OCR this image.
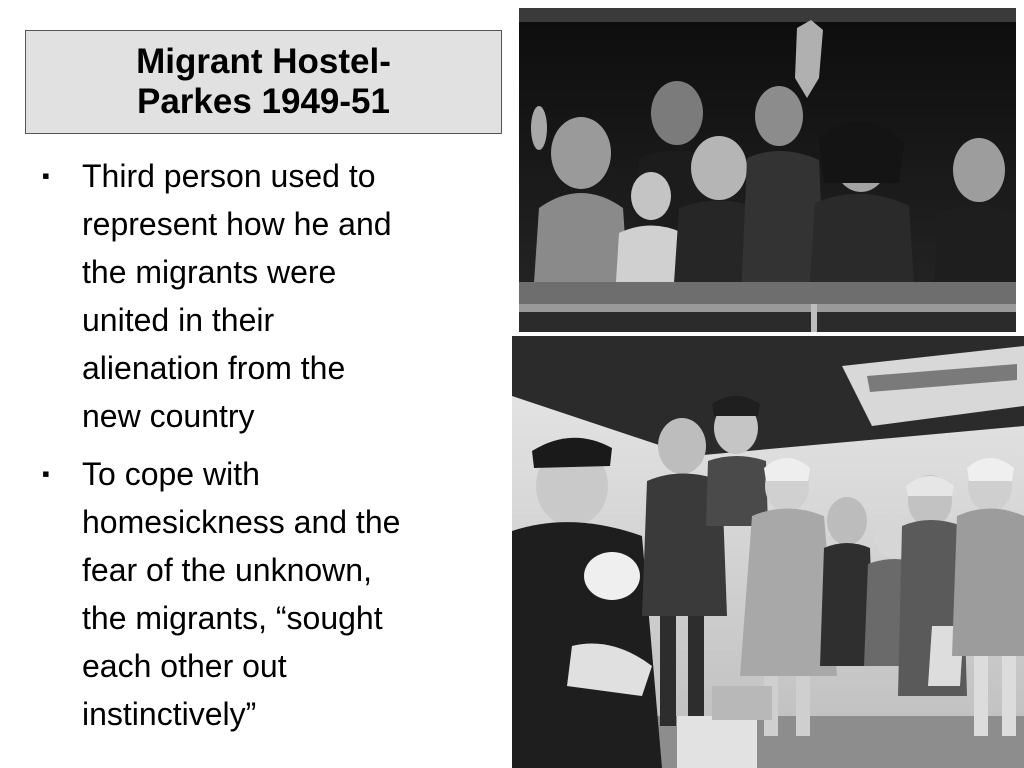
Migrant Hostel-
Parkes 1949-51
▪ Third person used to
represent how he and
the migrants were
united in their
alienation from the
new country
▪ To cope with
homesickness and the
fear of the unknown,
the migrants, “sought
each other out
instinctively”
